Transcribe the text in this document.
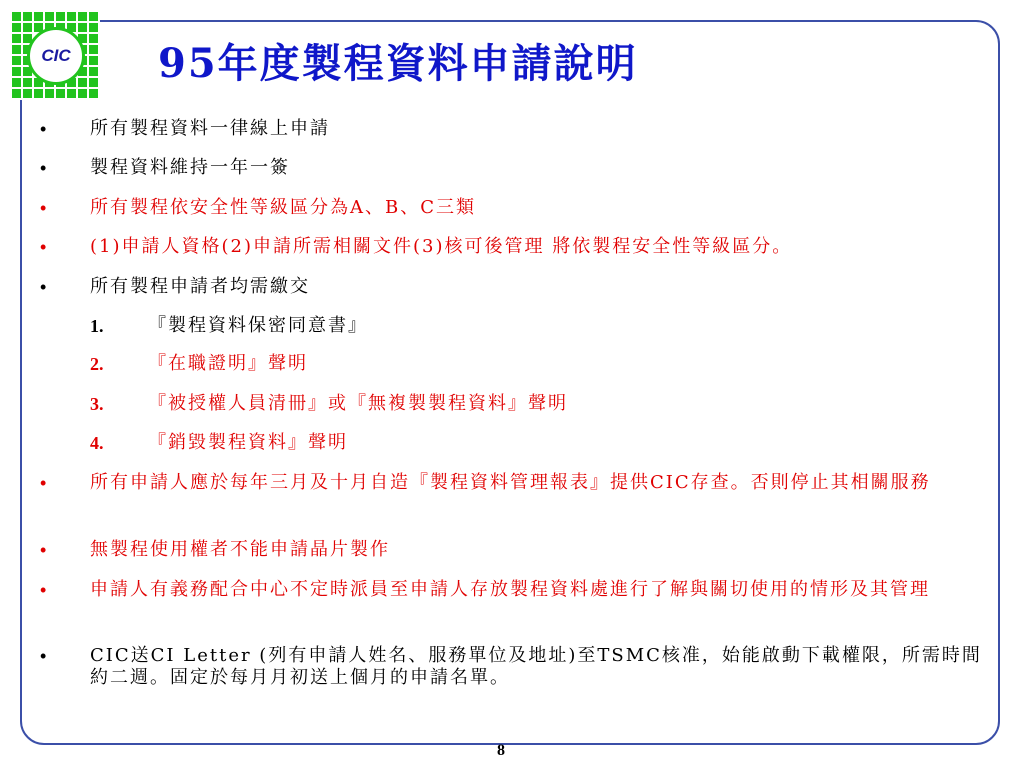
CIC 95年度製程資料申請說明
•	所有製程資料一律線上申請
•	製程資料維持一年一簽
•	所有製程依安全性等級區分為A、B、C三類
•	(1)申請人資格(2)申請所需相關文件(3)核可後管理 將依製程安全性等級區分。
•	所有製程申請者均需繳交
1.	『製程資料保密同意書』
2.	『在職證明』聲明
3.	『被授權人員清冊』或『無複製製程資料』聲明
4.	『銷毀製程資料』聲明
•	所有申請人應於每年三月及十月自造『製程資料管理報表』提供CIC存查。否則停止其相關服務
•	無製程使用權者不能申請晶片製作
•	申請人有義務配合中心不定時派員至申請人存放製程資料處進行了解與關切使用的情形及其管理
•	CIC送CI Letter (列有申請人姓名、服務單位及地址)至TSMC核准，始能啟動下載權限，所需時間約二週。固定於每月月初送上個月的申請名單。
8
